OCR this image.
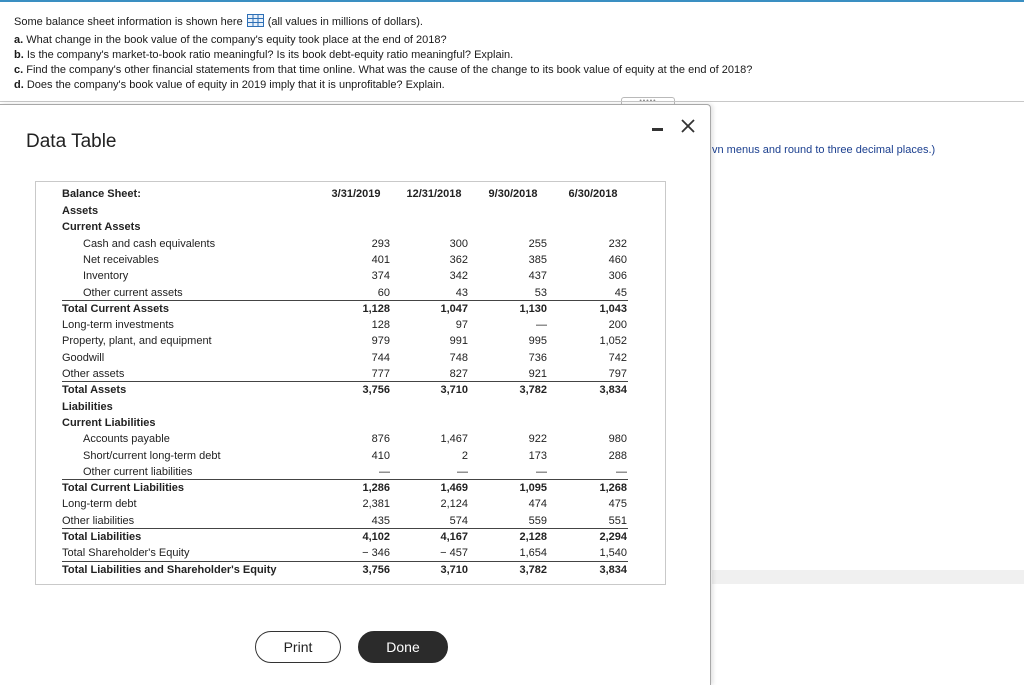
Some balance sheet information is shown here (all values in millions of dollars).
a. What change in the book value of the company's equity took place at the end of 2018?
b. Is the company's market-to-book ratio meaningful? Is its book debt-equity ratio meaningful? Explain.
c. Find the company's other financial statements from that time online. What was the cause of the change to its book value of equity at the end of 2018?
d. Does the company's book value of equity in 2019 imply that it is unprofitable? Explain.
vn menus and round to three decimal places.)
Data Table
Balance Sheet:	3/31/2019	12/31/2018	9/30/2018	6/30/2018
Assets
Current Assets
Cash and cash equivalents	293	300	255	232
Net receivables	401	362	385	460
Inventory	374	342	437	306
Other current assets	60	43	53	45
Total Current Assets	1,128	1,047	1,130	1,043
Long-term investments	128	97	—	200
Property, plant, and equipment	979	991	995	1,052
Goodwill	744	748	736	742
Other assets	777	827	921	797
Total Assets	3,756	3,710	3,782	3,834
Liabilities
Current Liabilities
Accounts payable	876	1,467	922	980
Short/current long-term debt	410	2	173	288
Other current liabilities	—	—	—	—
Total Current Liabilities	1,286	1,469	1,095	1,268
Long-term debt	2,381	2,124	474	475
Other liabilities	435	574	559	551
Total Liabilities	4,102	4,167	2,128	2,294
Total Shareholder's Equity	− 346	− 457	1,654	1,540
Total Liabilities and Shareholder's Equity	3,756	3,710	3,782	3,834
Print	Done
